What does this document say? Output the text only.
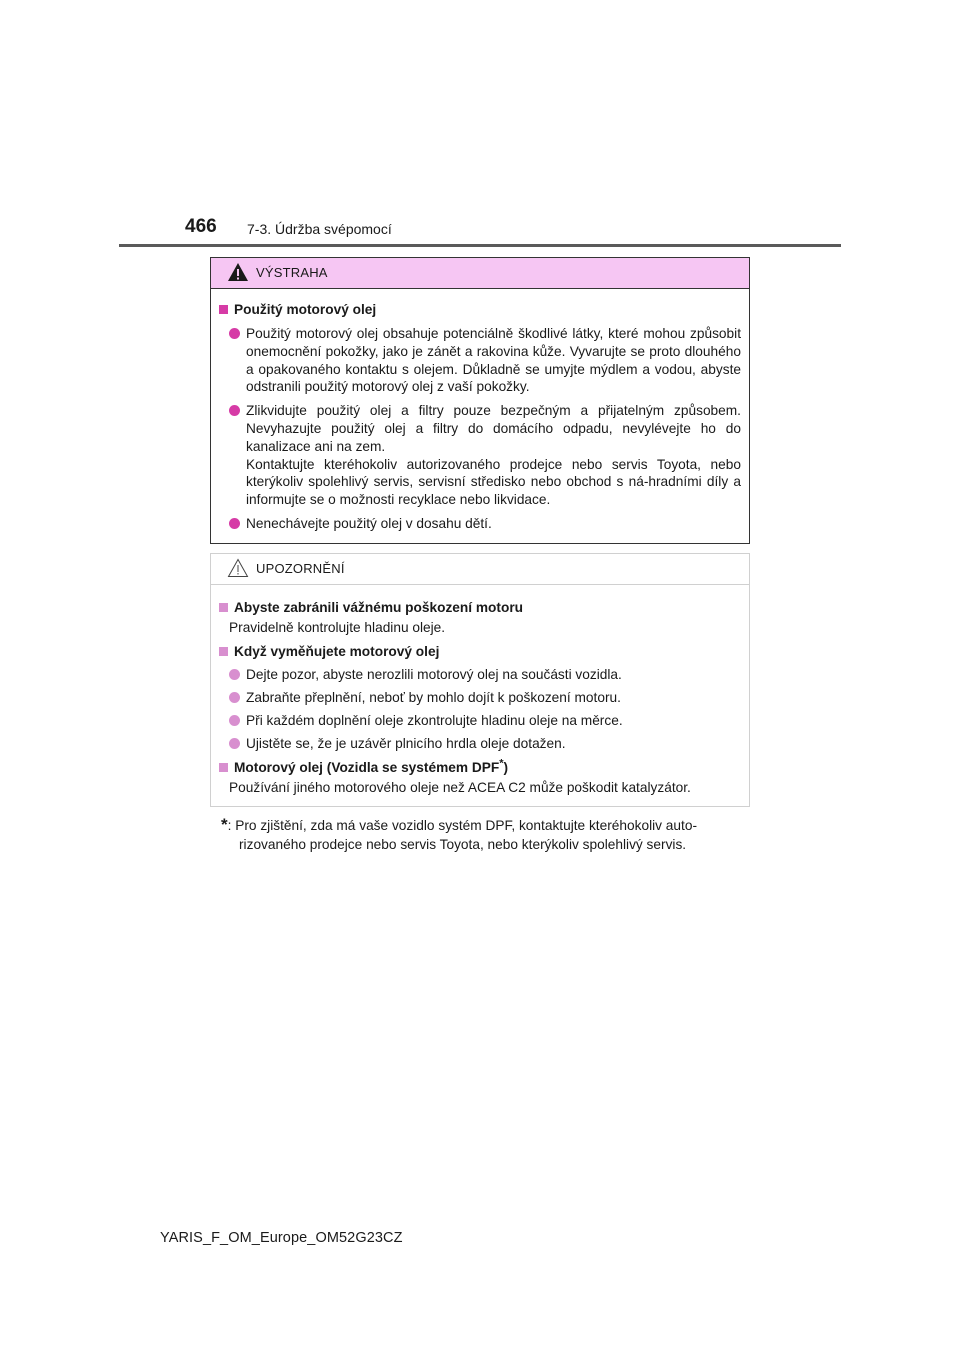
466 7-3. Údržba svépomocí
VÝSTRAHA
Použitý motorový olej
Použitý motorový olej obsahuje potenciálně škodlivé látky, které mohou způsobit onemocnění pokožky, jako je zánět a rakovina kůže. Vyvarujte se proto dlouhého a opakovaného kontaktu s olejem. Důkladně se umyjte mýdlem a vodou, abyste odstranili použitý motorový olej z vaší pokožky.
Zlikvidujte použitý olej a filtry pouze bezpečným a přijatelným způsobem. Nevyhazujte použitý olej a filtry do domácího odpadu, nevylévejte ho do kanalizace ani na zem.
Kontaktujte kteréhokoliv autorizovaného prodejce nebo servis Toyota, nebo kterýkoliv spolehlivý servis, servisní středisko nebo obchod s ná-hradními díly a informujte se o možnosti recyklace nebo likvidace.
Nenechávejte použitý olej v dosahu dětí.
UPOZORNĚNÍ
Abyste zabránili vážnému poškození motoru
Pravidelně kontrolujte hladinu oleje.
Když vyměňujete motorový olej
Dejte pozor, abyste nerozlili motorový olej na součásti vozidla.
Zabraňte přeplnění, neboť by mohlo dojít k poškození motoru.
Při každém doplnění oleje zkontrolujte hladinu oleje na měrce.
Ujistěte se, že je uzávěr plnicího hrdla oleje dotažen.
Motorový olej (Vozidla se systémem DPF*)
Používání jiného motorového oleje než ACEA C2 může poškodit katalyzátor.
*: Pro zjištění, zda má vaše vozidlo systém DPF, kontaktujte kteréhokoliv auto-
rizovaného prodejce nebo servis Toyota, nebo kterýkoliv spolehlivý servis.
YARIS_F_OM_Europe_OM52G23CZ
